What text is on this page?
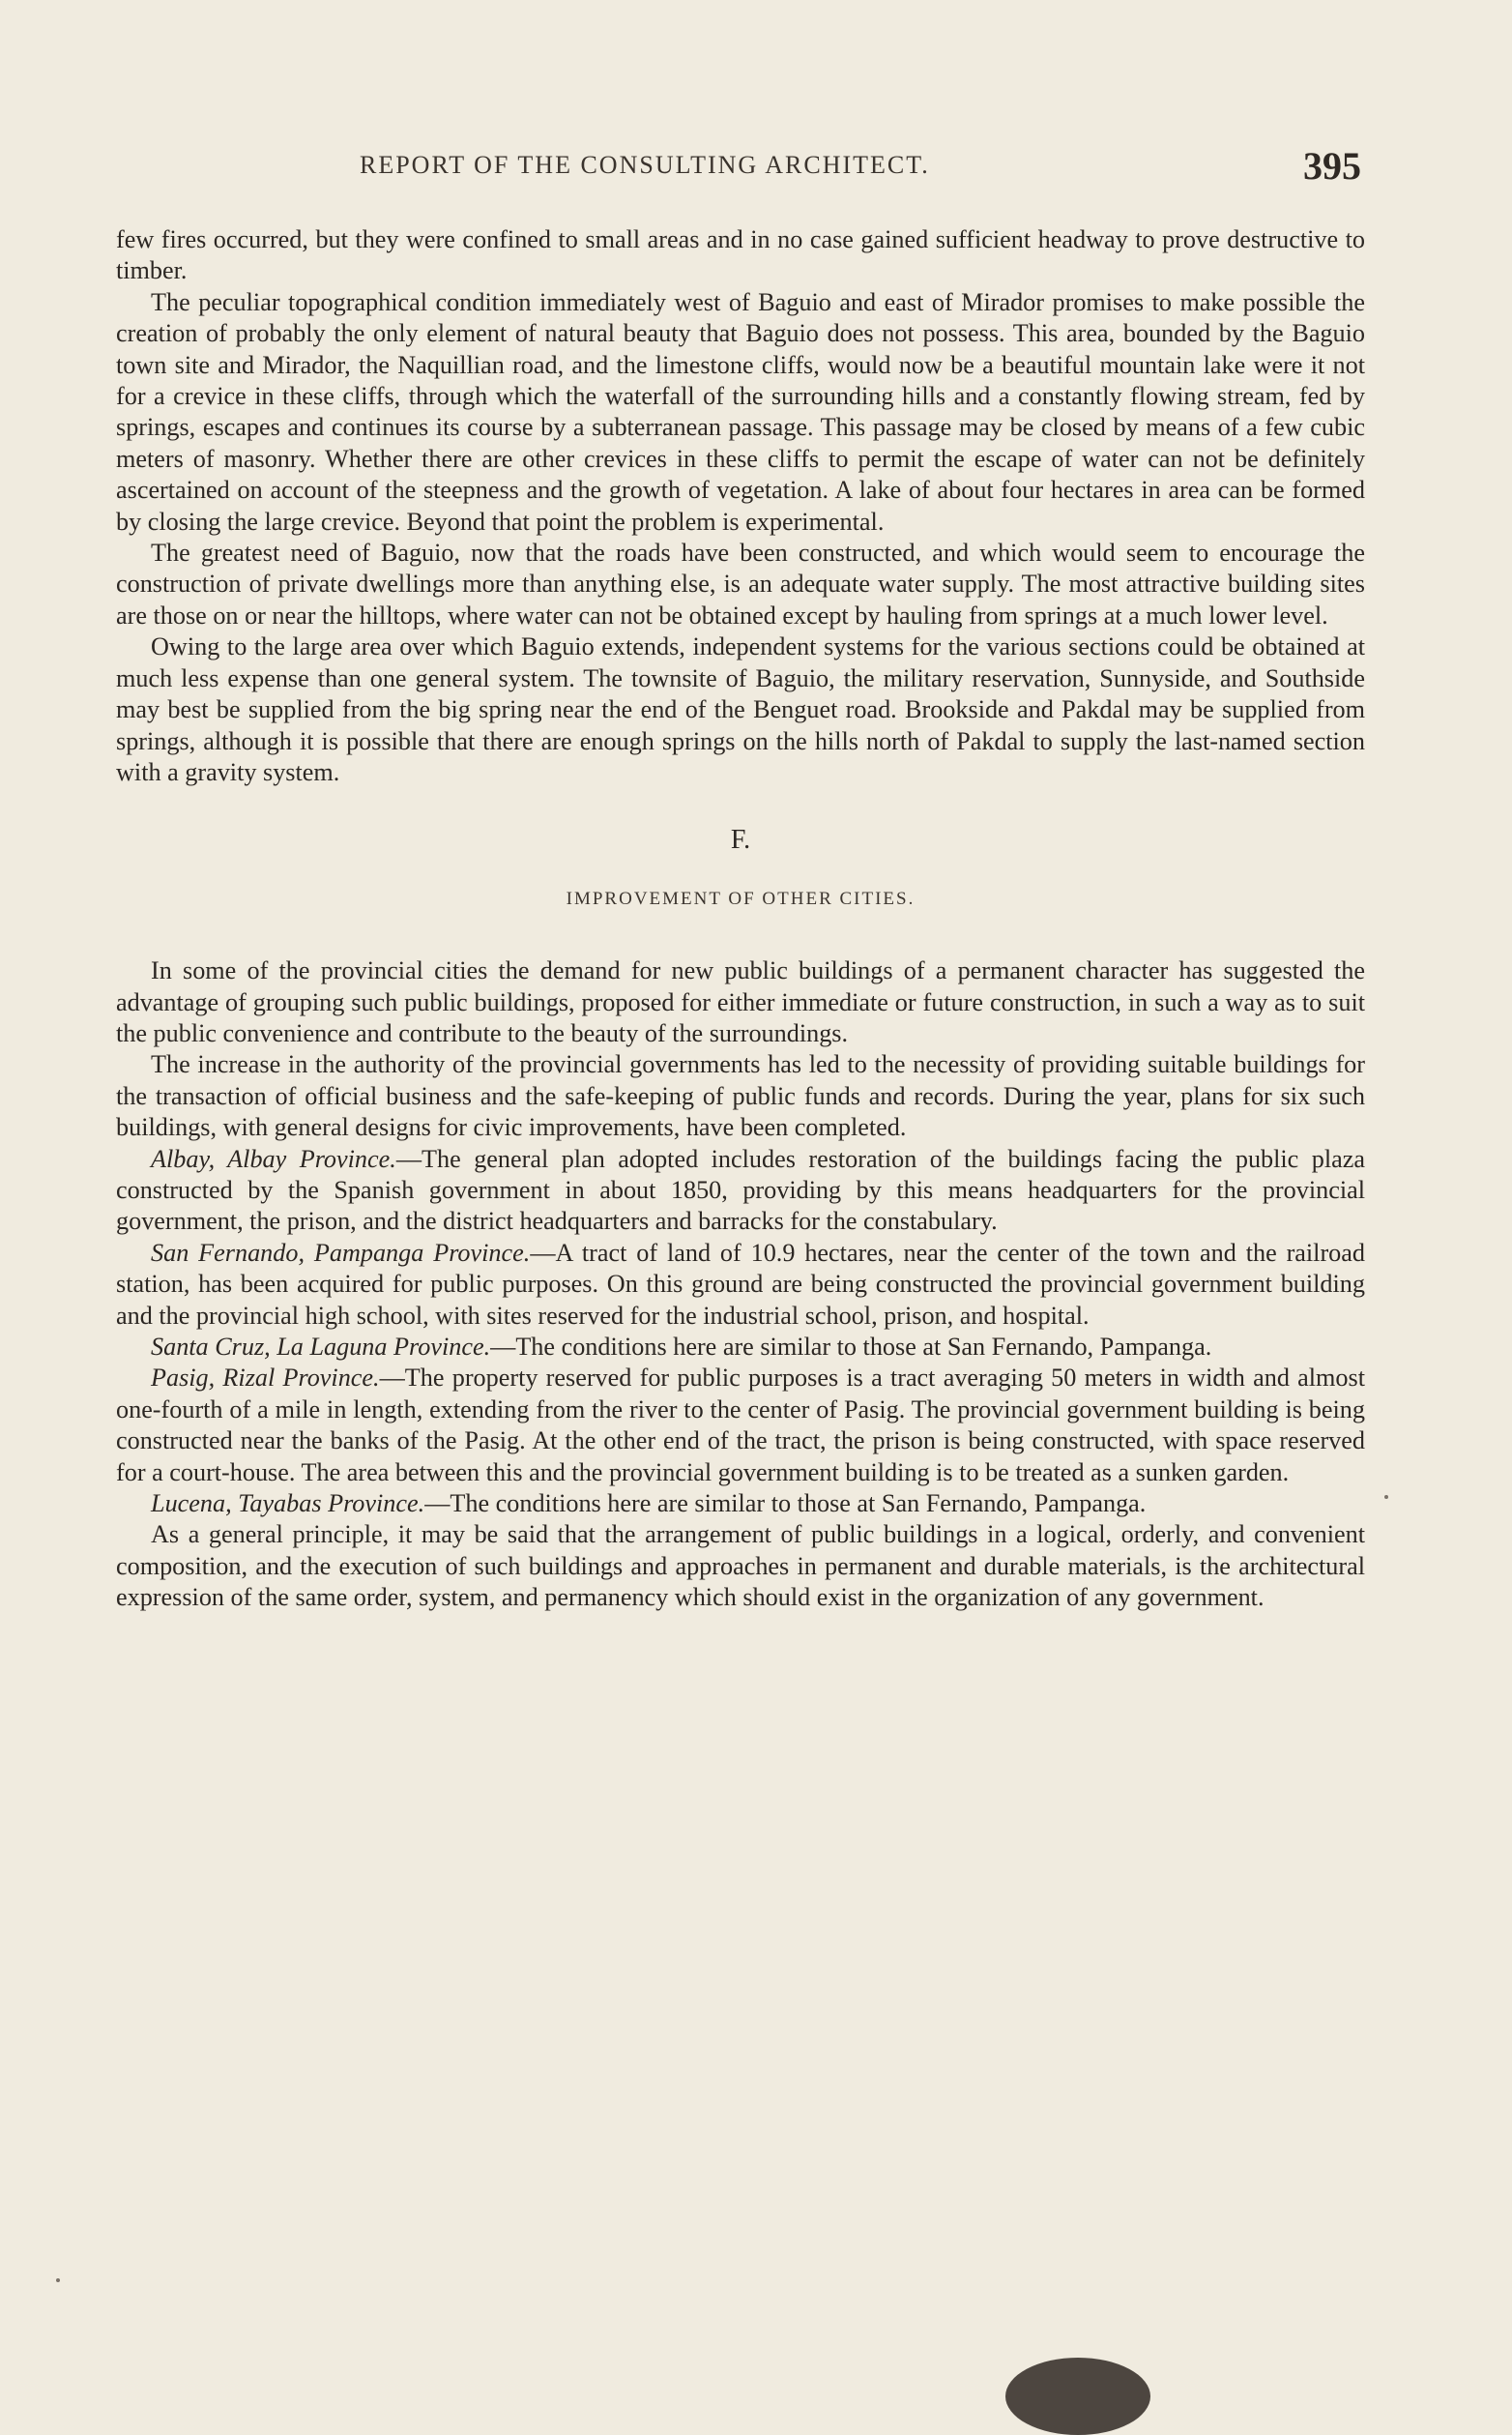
REPORT OF THE CONSULTING ARCHITECT.	395

few fires occurred, but they were confined to small areas and in no case gained sufficient headway to prove destructive to timber.

The peculiar topographical condition immediately west of Baguio and east of Mirador promises to make possible the creation of probably the only element of natural beauty that Baguio does not possess. This area, bounded by the Baguio town site and Mirador, the Naquillian road, and the limestone cliffs, would now be a beautiful mountain lake were it not for a crevice in these cliffs, through which the waterfall of the surrounding hills and a constantly flowing stream, fed by springs, escapes and continues its course by a subterranean passage. This passage may be closed by means of a few cubic meters of masonry. Whether there are other crevices in these cliffs to permit the escape of water can not be definitely ascertained on account of the steepness and the growth of vegetation. A lake of about four hectares in area can be formed by closing the large crevice. Beyond that point the problem is experimental.

The greatest need of Baguio, now that the roads have been constructed, and which would seem to encourage the construction of private dwellings more than anything else, is an adequate water supply. The most attractive building sites are those on or near the hilltops, where water can not be obtained except by hauling from springs at a much lower level.

Owing to the large area over which Baguio extends, independent systems for the various sections could be obtained at much less expense than one general system. The townsite of Baguio, the military reservation, Sunnyside, and Southside may best be supplied from the big spring near the end of the Benguet road. Brookside and Pakdal may be supplied from springs, although it is possible that there are enough springs on the hills north of Pakdal to supply the last-named section with a gravity system.

F.
IMPROVEMENT OF OTHER CITIES.

In some of the provincial cities the demand for new public buildings of a permanent character has suggested the advantage of grouping such public buildings, proposed for either immediate or future construction, in such a way as to suit the public convenience and contribute to the beauty of the surroundings.

The increase in the authority of the provincial governments has led to the necessity of providing suitable buildings for the transaction of official business and the safe-keeping of public funds and records. During the year, plans for six such buildings, with general designs for civic improvements, have been completed.

Albay, Albay Province.—The general plan adopted includes restoration of the buildings facing the public plaza constructed by the Spanish government in about 1850, providing by this means headquarters for the provincial government, the prison, and the district headquarters and barracks for the constabulary.

San Fernando, Pampanga Province.—A tract of land of 10.9 hectares, near the center of the town and the railroad station, has been acquired for public purposes. On this ground are being constructed the provincial government building and the provincial high school, with sites reserved for the industrial school, prison, and hospital.

Santa Cruz, La Laguna Province.—The conditions here are similar to those at San Fernando, Pampanga.

Pasig, Rizal Province.—The property reserved for public purposes is a tract averaging 50 meters in width and almost one-fourth of a mile in length, extending from the river to the center of Pasig. The provincial government building is being constructed near the banks of the Pasig. At the other end of the tract, the prison is being constructed, with space reserved for a court-house. The area between this and the provincial government building is to be treated as a sunken garden.

Lucena, Tayabas Province.—The conditions here are similar to those at San Fernando, Pampanga.

As a general principle, it may be said that the arrangement of public buildings in a logical, orderly, and convenient composition, and the execution of such buildings and approaches in permanent and durable materials, is the architectural expression of the same order, system, and permanency which should exist in the organization of any government.
